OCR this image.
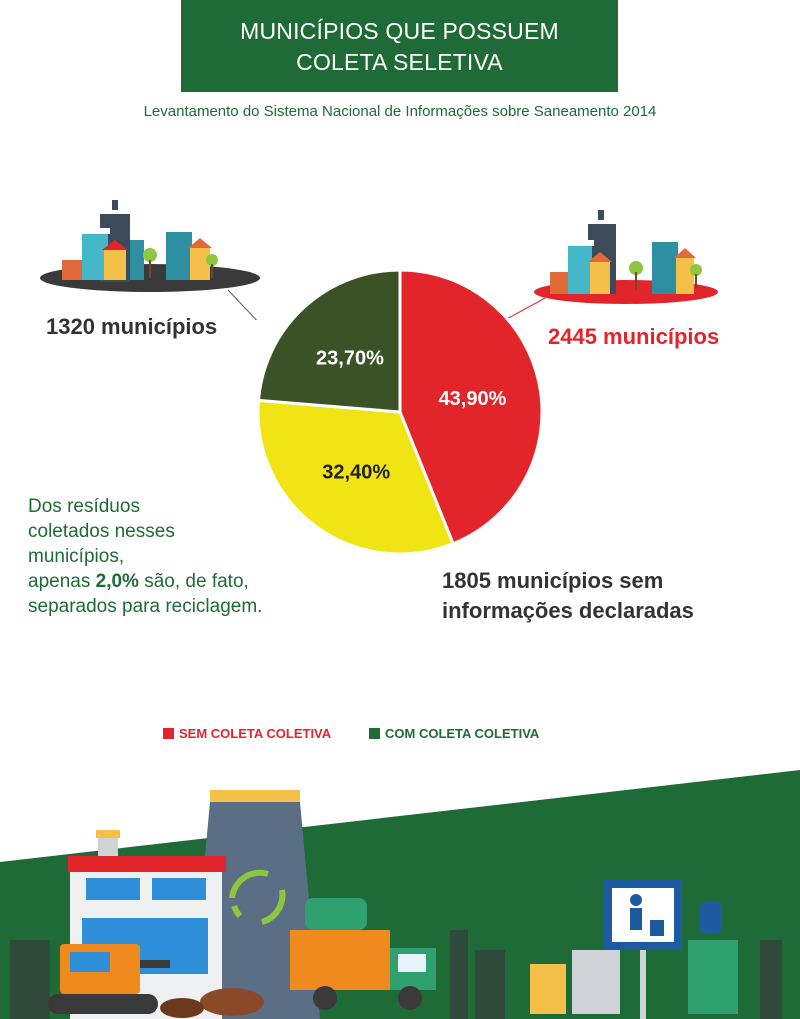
MUNICÍPIOS QUE POSSUEM
COLETA SELETIVA
Levantamento do Sistema Nacional de Informações sobre Saneamento 2014
43,90%
32,40%
23,70%
1320 municípios	2445 municípios
1805 municípios sem
informações declaradas
Dos resíduos
coletados nesses
municípios,
apenas 2,0% são, de fato,
separados para reciclagem.
SEM COLETA COLETIVA	COM COLETA COLETIVA
